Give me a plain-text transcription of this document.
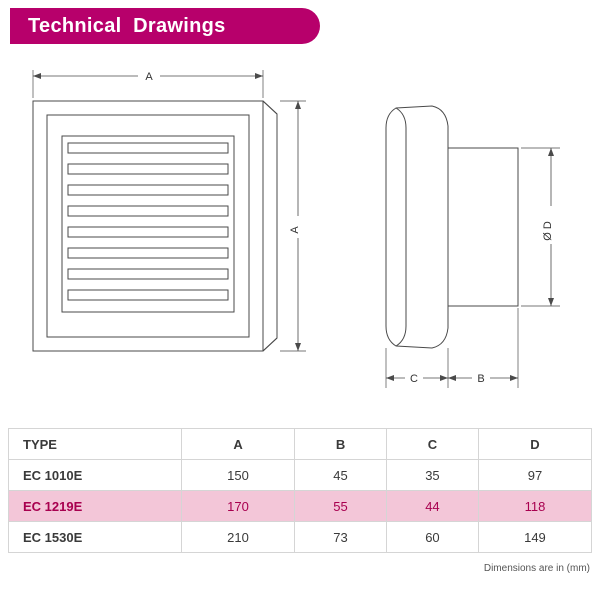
Technical  Drawings
A
A	Ø D
C	B
TYPE	A	B	C	D
EC 1010E	150	45	35	97
EC 1219E	170	55	44	118
EC 1530E	210	73	60	149
Dimensions are in (mm)
